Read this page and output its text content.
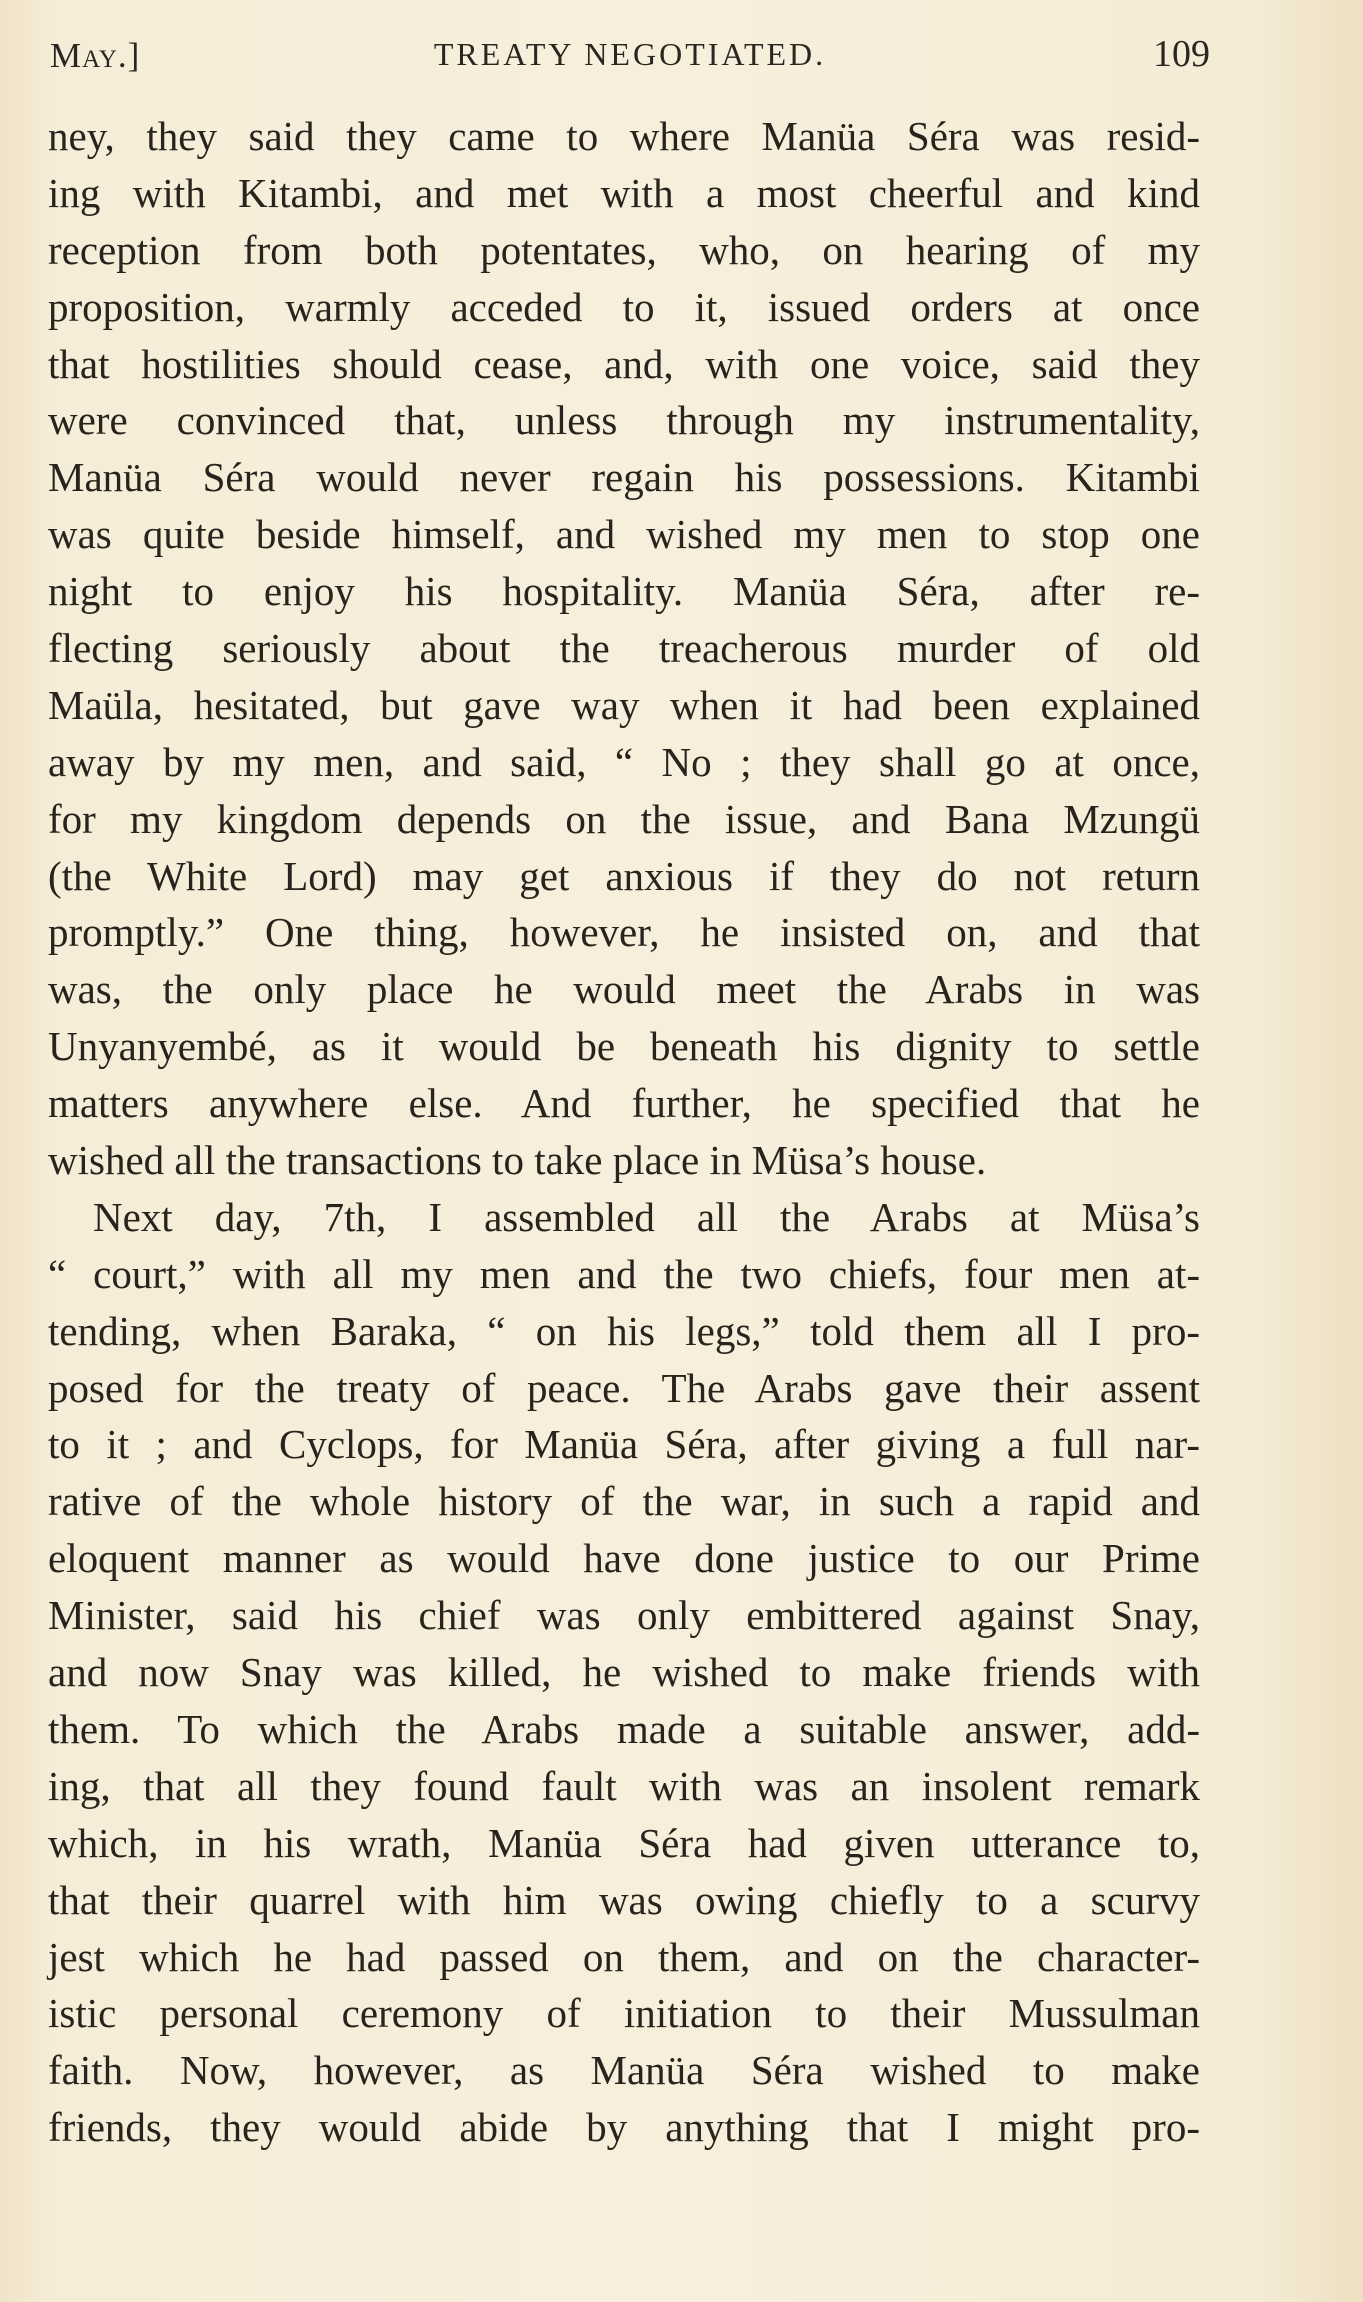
May.]	TREATY NEGOTIATED.	109
ney, they said they came to where Manüa Séra was resid-
ing with Kitambi, and met with a most cheerful and kind
reception from both potentates, who, on hearing of my
proposition, warmly acceded to it, issued orders at once
that hostilities should cease, and, with one voice, said they
were convinced that, unless through my instrumentality,
Manüa Séra would never regain his possessions. Kitambi
was quite beside himself, and wished my men to stop one
night to enjoy his hospitality. Manüa Séra, after re-
flecting seriously about the treacherous murder of old
Maüla, hesitated, but gave way when it had been explained
away by my men, and said, “ No ; they shall go at once,
for my kingdom depends on the issue, and Bana Mzungü
(the White Lord) may get anxious if they do not return
promptly.” One thing, however, he insisted on, and that
was, the only place he would meet the Arabs in was
Unyanyembé, as it would be beneath his dignity to settle
matters anywhere else. And further, he specified that he
wished all the transactions to take place in Müsa’s house.
Next day, 7th, I assembled all the Arabs at Müsa’s
“ court,” with all my men and the two chiefs, four men at-
tending, when Baraka, “ on his legs,” told them all I pro-
posed for the treaty of peace. The Arabs gave their assent
to it ; and Cyclops, for Manüa Séra, after giving a full nar-
rative of the whole history of the war, in such a rapid and
eloquent manner as would have done justice to our Prime
Minister, said his chief was only embittered against Snay,
and now Snay was killed, he wished to make friends with
them. To which the Arabs made a suitable answer, add-
ing, that all they found fault with was an insolent remark
which, in his wrath, Manüa Séra had given utterance to,
that their quarrel with him was owing chiefly to a scurvy
jest which he had passed on them, and on the character-
istic personal ceremony of initiation to their Mussulman
faith. Now, however, as Manüa Séra wished to make
friends, they would abide by anything that I might pro-
